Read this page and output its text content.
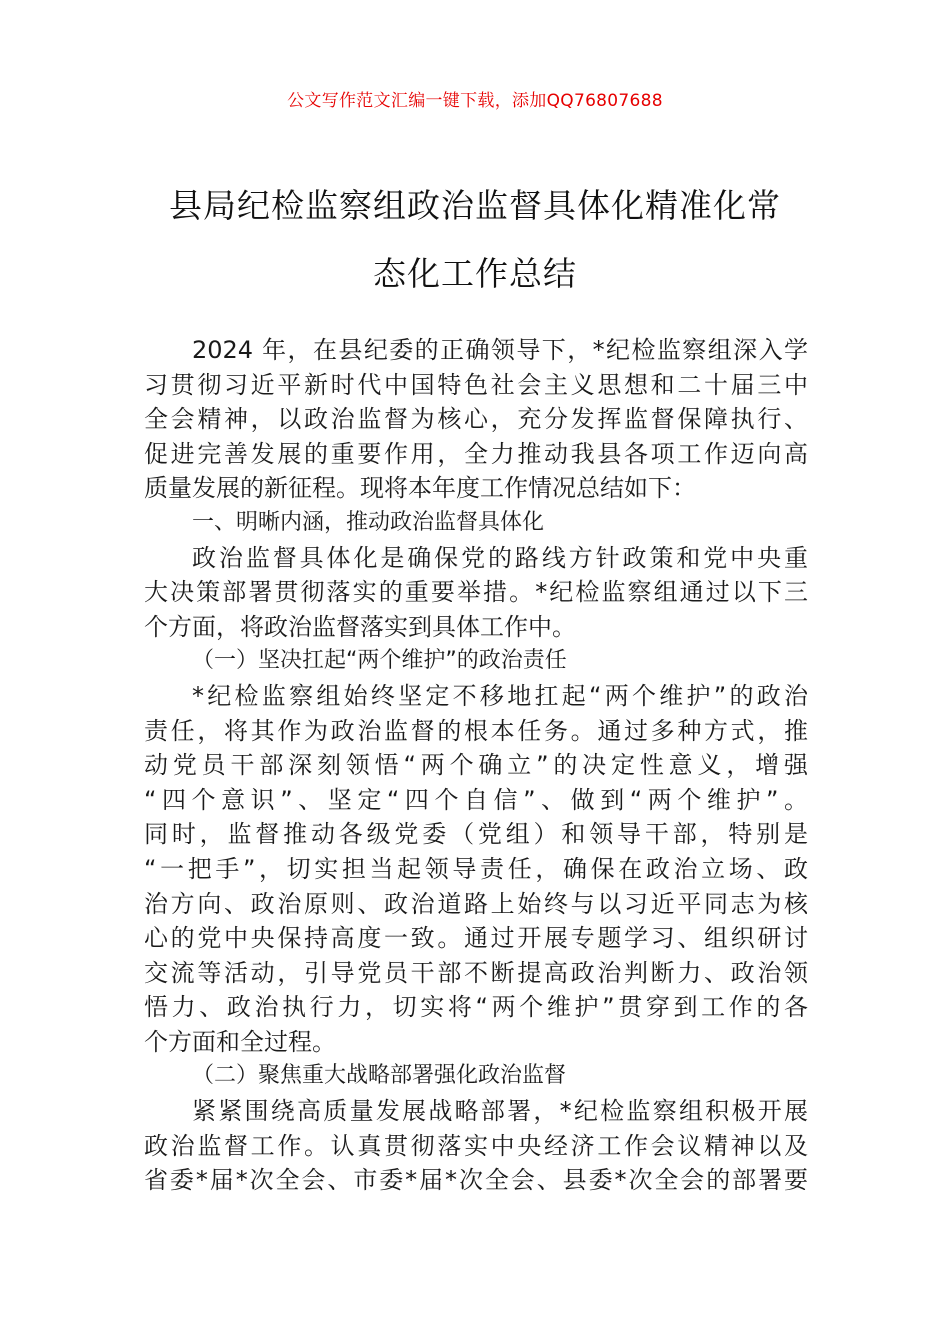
公文写作范文汇编一键下载，添加QQ76807688
县局纪检监察组政治监督具体化精准化常
态化工作总结
2024 年，在县纪委的正确领导下，*纪检监察组深入学
习贯彻习近平新时代中国特色社会主义思想和二十届三中
全会精神，以政治监督为核心，充分发挥监督保障执行、
促进完善发展的重要作用，全力推动我县各项工作迈向高
质量发展的新征程。现将本年度工作情况总结如下：
一、明晰内涵，推动政治监督具体化
政治监督具体化是确保党的路线方针政策和党中央重
大决策部署贯彻落实的重要举措。*纪检监察组通过以下三
个方面，将政治监督落实到具体工作中。
（一）坚决扛起“两个维护”的政治责任
*纪检监察组始终坚定不移地扛起“两个维护”的政治
责任，将其作为政治监督的根本任务。通过多种方式，推
动党员干部深刻领悟“两个确立”的决定性意义，增强
“四个意识”、坚定“四个自信”、做到“两个维护”。
同时，监督推动各级党委（党组）和领导干部，特别是
“一把手”，切实担当起领导责任，确保在政治立场、政
治方向、政治原则、政治道路上始终与以习近平同志为核
心的党中央保持高度一致。通过开展专题学习、组织研讨
交流等活动，引导党员干部不断提高政治判断力、政治领
悟力、政治执行力，切实将“两个维护”贯穿到工作的各
个方面和全过程。
（二）聚焦重大战略部署强化政治监督
紧紧围绕高质量发展战略部署，*纪检监察组积极开展
政治监督工作。认真贯彻落实中央经济工作会议精神以及
省委*届*次全会、市委*届*次全会、县委*次全会的部署要
